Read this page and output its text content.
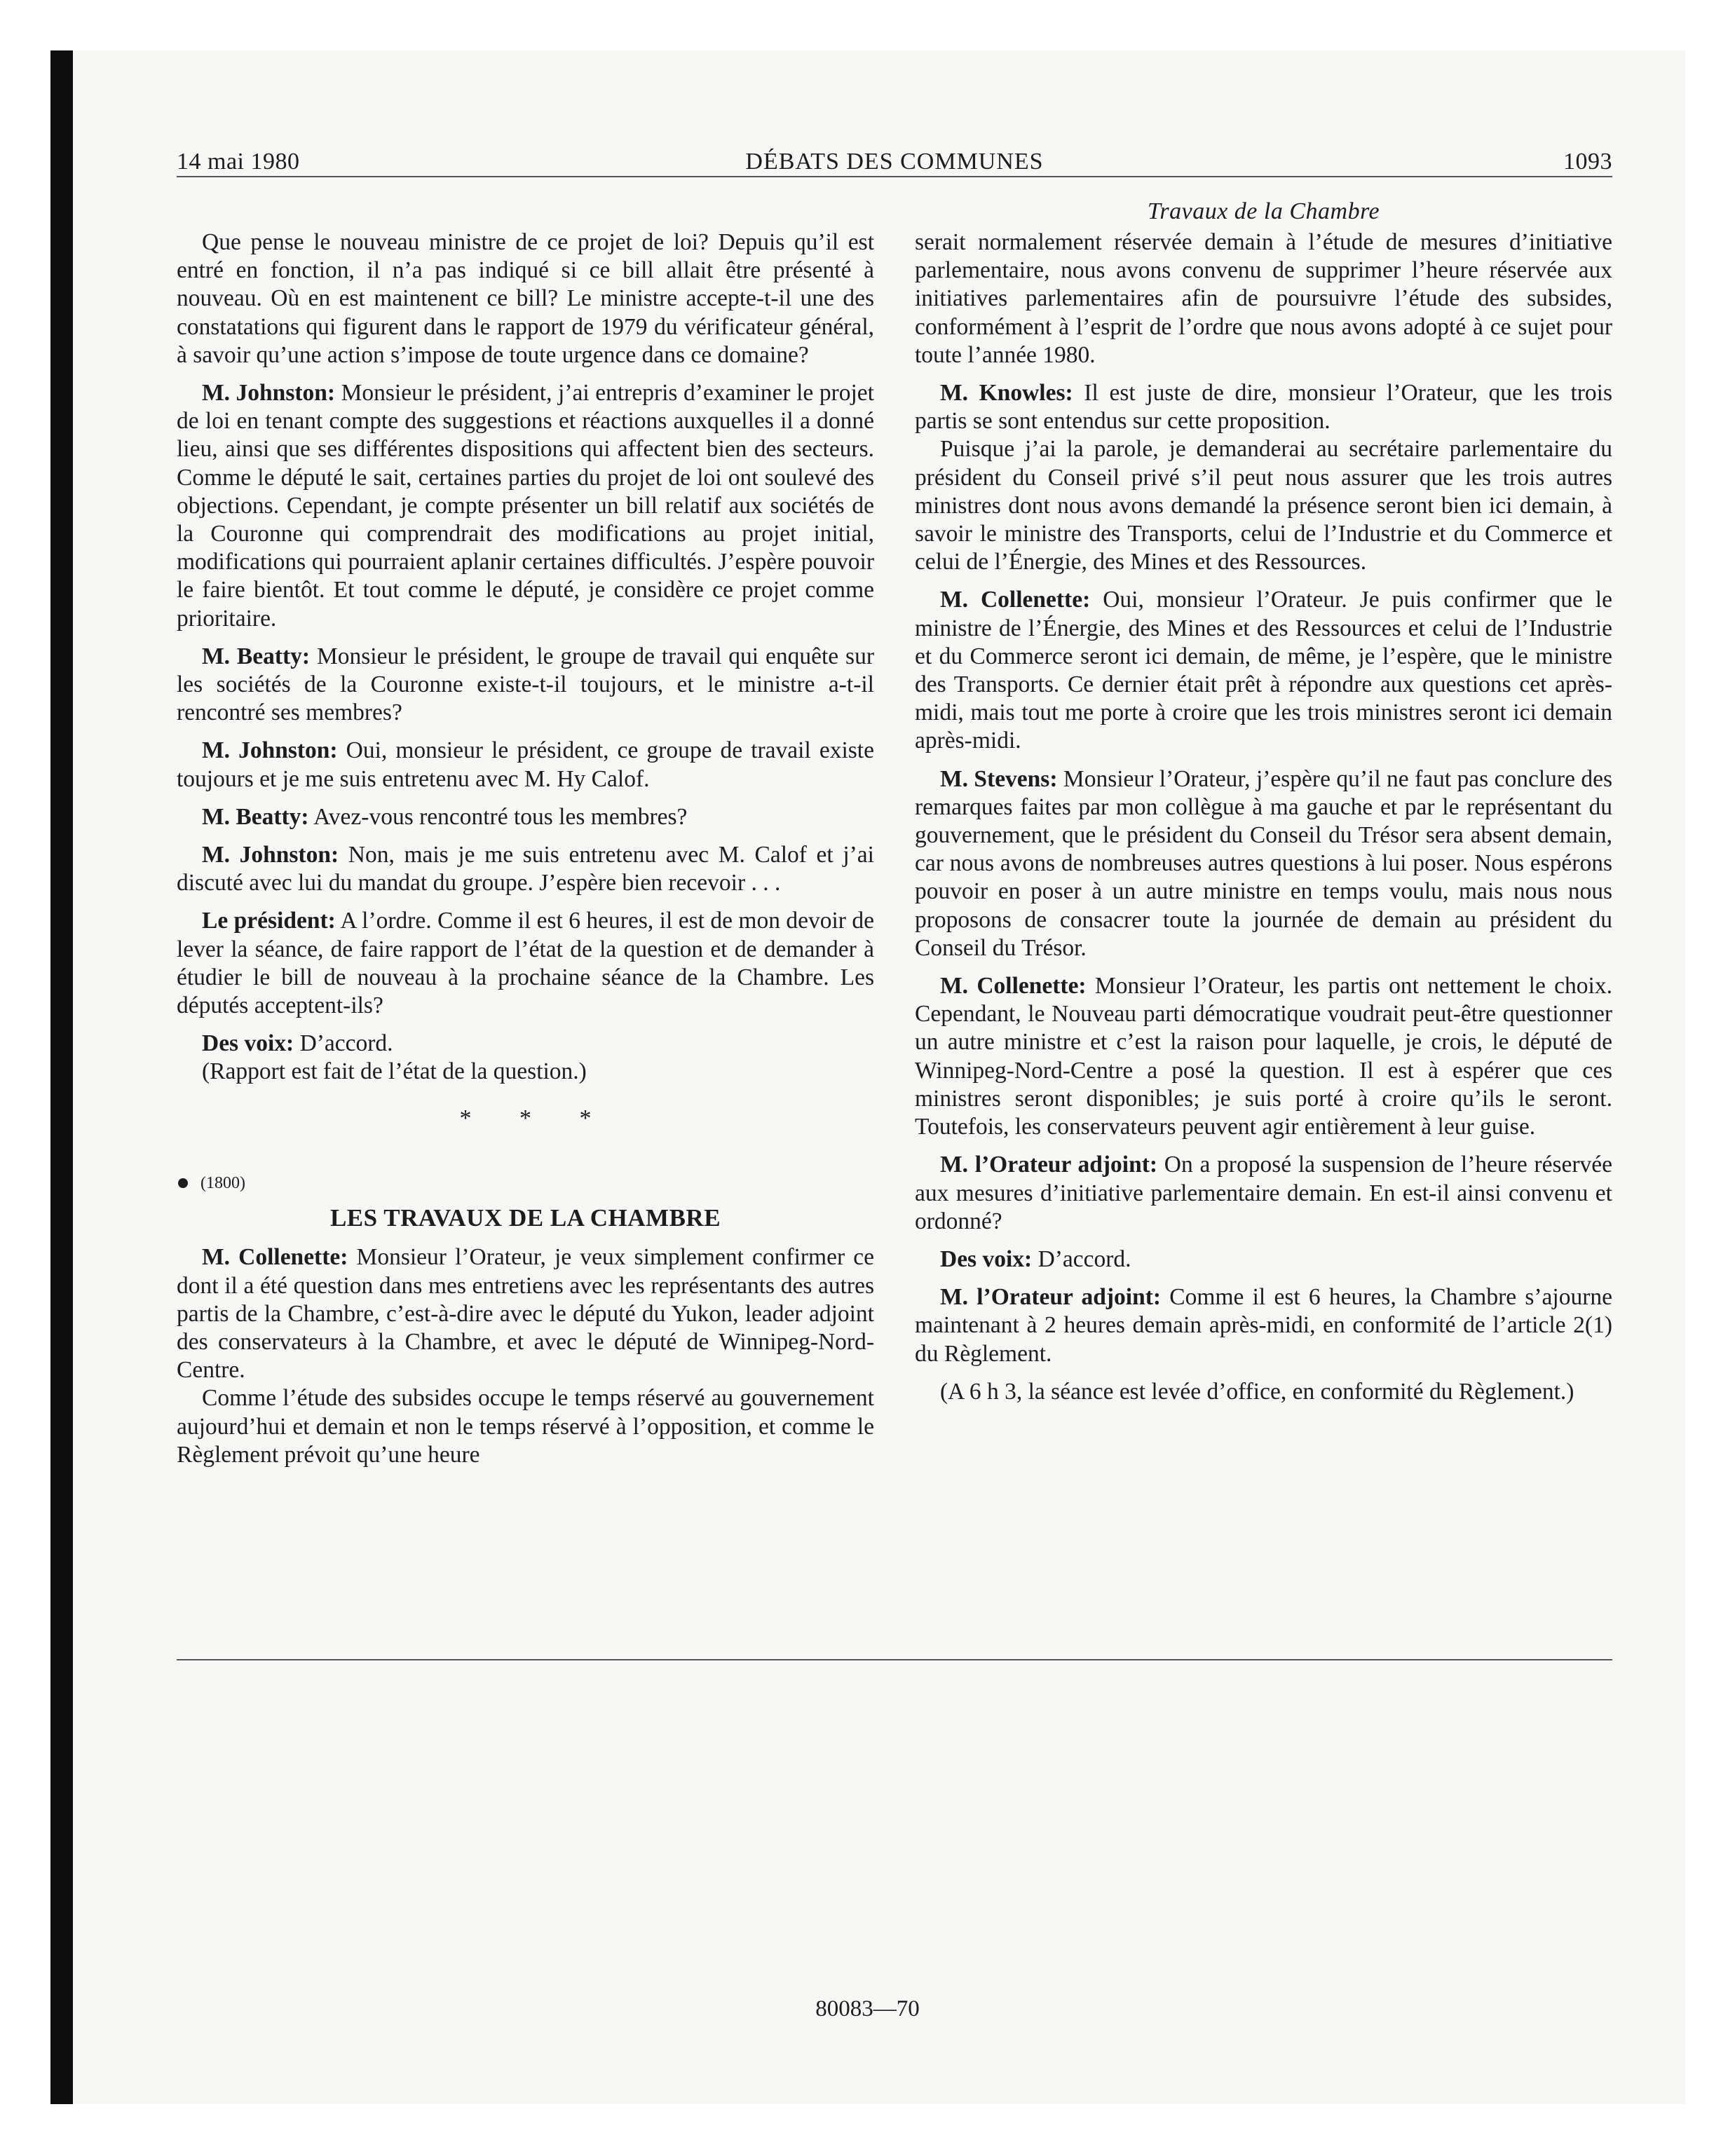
14 mai 1980	DÉBATS DES COMMUNES	1093

Que pense le nouveau ministre de ce projet de loi? Depuis qu’il est entré en fonction, il n’a pas indiqué si ce bill allait être présenté à nouveau. Où en est maintenent ce bill? Le ministre accepte-t-il une des constatations qui figurent dans le rapport de 1979 du vérificateur général, à savoir qu’une action s’impose de toute urgence dans ce domaine?

M. Johnston: Monsieur le président, j’ai entrepris d’examiner le projet de loi en tenant compte des suggestions et réactions auxquelles il a donné lieu, ainsi que ses différentes dispositions qui affectent bien des secteurs. Comme le député le sait, certaines parties du projet de loi ont soulevé des objections. Cependant, je compte présenter un bill relatif aux sociétés de la Couronne qui comprendrait des modifications au projet initial, modifications qui pourraient aplanir certaines difficultés. J’espère pouvoir le faire bientôt. Et tout comme le député, je considère ce projet comme prioritaire.

M. Beatty: Monsieur le président, le groupe de travail qui enquête sur les sociétés de la Couronne existe-t-il toujours, et le ministre a-t-il rencontré ses membres?

M. Johnston: Oui, monsieur le président, ce groupe de travail existe toujours et je me suis entretenu avec M. Hy Calof.

M. Beatty: Avez-vous rencontré tous les membres?

M. Johnston: Non, mais je me suis entretenu avec M. Calof et j’ai discuté avec lui du mandat du groupe. J’espère bien recevoir . . .

Le président: A l’ordre. Comme il est 6 heures, il est de mon devoir de lever la séance, de faire rapport de l’état de la question et de demander à étudier le bill de nouveau à la prochaine séance de la Chambre. Les députés acceptent-ils?

Des voix: D’accord.

(Rapport est fait de l’état de la question.)

* * *
(1800)
LES TRAVAUX DE LA CHAMBRE

M. Collenette: Monsieur l’Orateur, je veux simplement confirmer ce dont il a été question dans mes entretiens avec les représentants des autres partis de la Chambre, c’est-à-dire avec le député du Yukon, leader adjoint des conservateurs à la Chambre, et avec le député de Winnipeg-Nord-Centre.

Comme l’étude des subsides occupe le temps réservé au gouvernement aujourd’hui et demain et non le temps réservé à l’opposition, et comme le Règlement prévoit qu’une heure

Travaux de la Chambre

serait normalement réservée demain à l’étude de mesures d’initiative parlementaire, nous avons convenu de supprimer l’heure réservée aux initiatives parlementaires afin de poursuivre l’étude des subsides, conformément à l’esprit de l’ordre que nous avons adopté à ce sujet pour toute l’année 1980.

M. Knowles: Il est juste de dire, monsieur l’Orateur, que les trois partis se sont entendus sur cette proposition.

Puisque j’ai la parole, je demanderai au secrétaire parlementaire du président du Conseil privé s’il peut nous assurer que les trois autres ministres dont nous avons demandé la présence seront bien ici demain, à savoir le ministre des Transports, celui de l’Industrie et du Commerce et celui de l’Énergie, des Mines et des Ressources.

M. Collenette: Oui, monsieur l’Orateur. Je puis confirmer que le ministre de l’Énergie, des Mines et des Ressources et celui de l’Industrie et du Commerce seront ici demain, de même, je l’espère, que le ministre des Transports. Ce dernier était prêt à répondre aux questions cet après-midi, mais tout me porte à croire que les trois ministres seront ici demain après-midi.

M. Stevens: Monsieur l’Orateur, j’espère qu’il ne faut pas conclure des remarques faites par mon collègue à ma gauche et par le représentant du gouvernement, que le président du Conseil du Trésor sera absent demain, car nous avons de nombreuses autres questions à lui poser. Nous espérons pouvoir en poser à un autre ministre en temps voulu, mais nous nous proposons de consacrer toute la journée de demain au président du Conseil du Trésor.

M. Collenette: Monsieur l’Orateur, les partis ont nettement le choix. Cependant, le Nouveau parti démocratique voudrait peut-être questionner un autre ministre et c’est la raison pour laquelle, je crois, le député de Winnipeg-Nord-Centre a posé la question. Il est à espérer que ces ministres seront disponibles; je suis porté à croire qu’ils le seront. Toutefois, les conservateurs peuvent agir entièrement à leur guise.

M. l’Orateur adjoint: On a proposé la suspension de l’heure réservée aux mesures d’initiative parlementaire demain. En est-il ainsi convenu et ordonné?

Des voix: D’accord.

M. l’Orateur adjoint: Comme il est 6 heures, la Chambre s’ajourne maintenant à 2 heures demain après-midi, en conformité de l’article 2(1) du Règlement.

(A 6 h 3, la séance est levée d’office, en conformité du Règlement.)

80083—70
